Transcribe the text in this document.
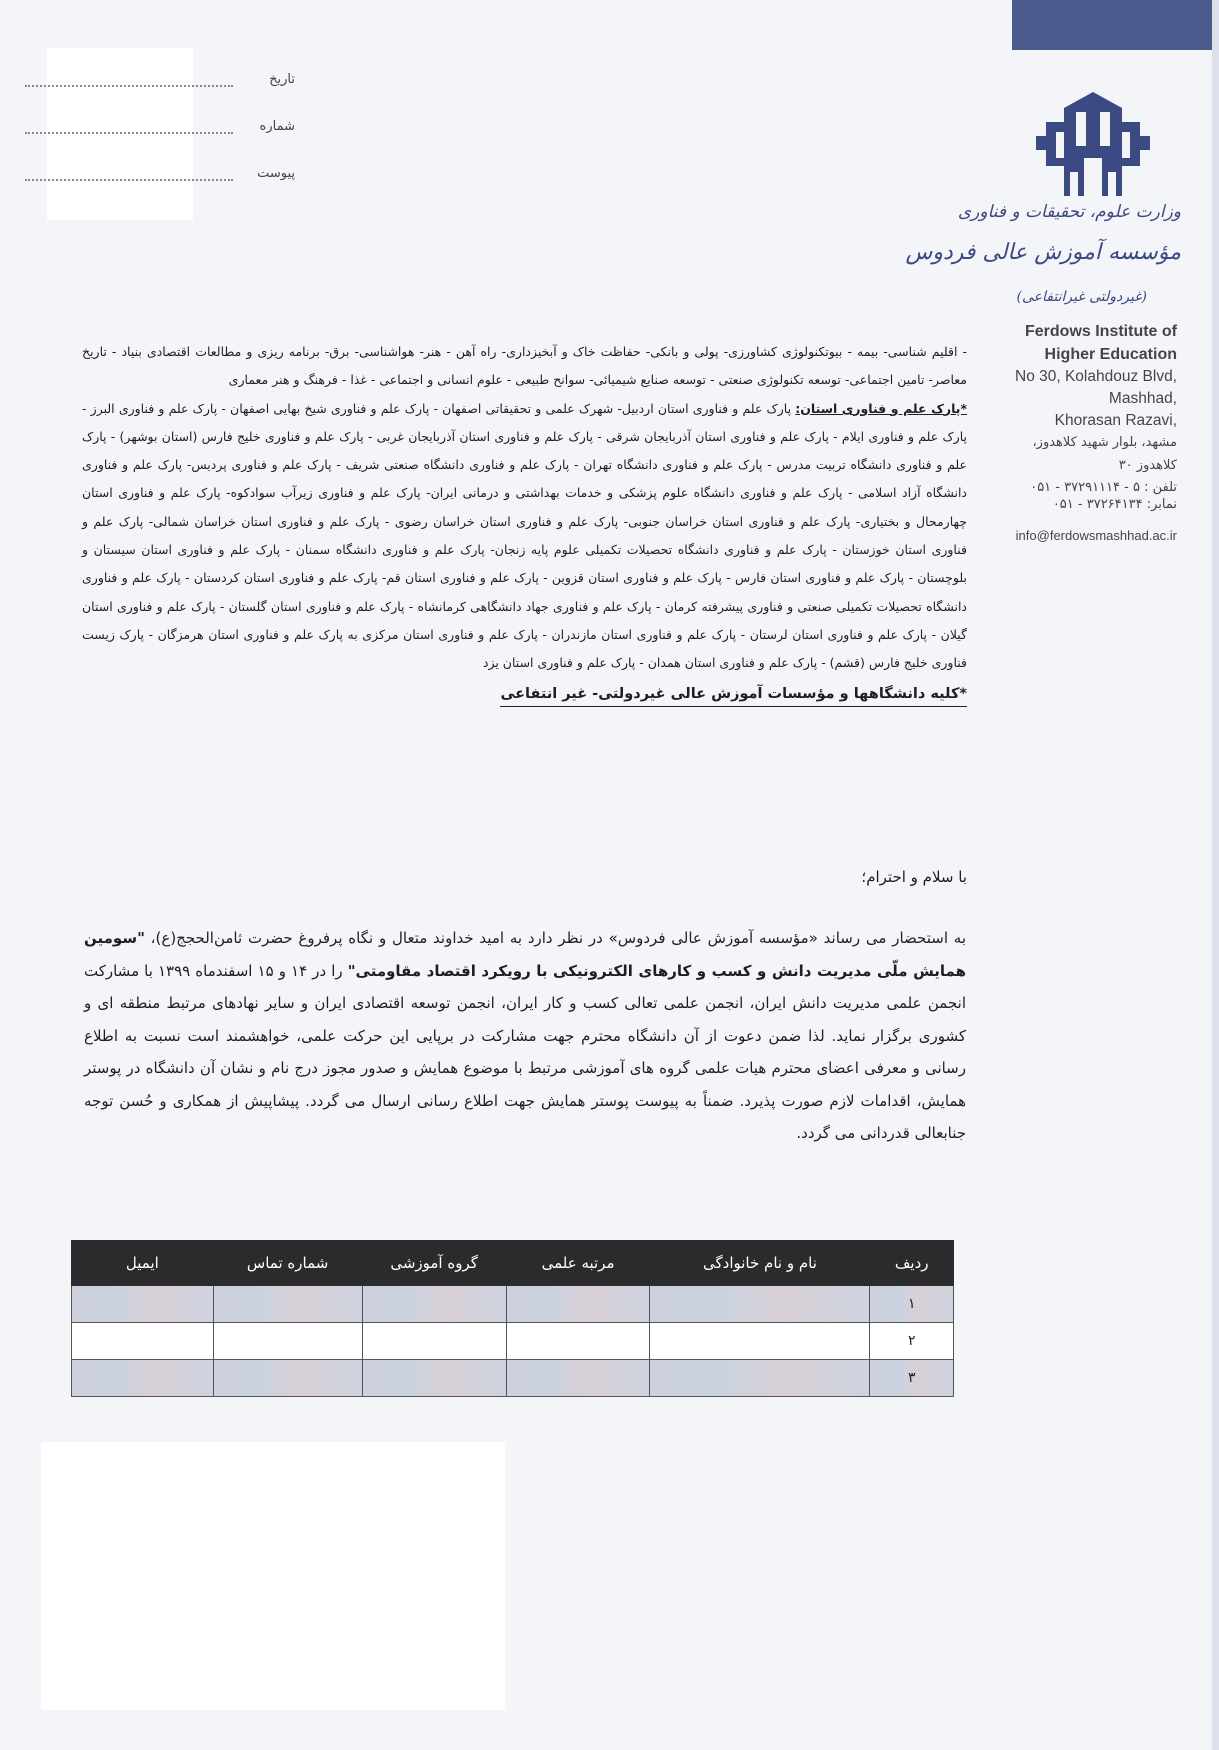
تاریخ
شماره
پیوست
وزارت علوم، تحقیقات و فناوری
مؤسسه آموزش عالی فردوس
(غیردولتی غیرانتفاعی)
Ferdows Institute of
Higher Education
No 30, Kolahdouz Blvd,
Mashhad,
Khorasan Razavi,
مشهد، بلوار شهید کلاهدوز،
کلاهدوز ۳۰
تلفن : ۵ - ۳۷۲۹۱۱۱۴ - ۰۵۱
نمابر: ۳۷۲۶۴۱۳۴ - ۰۵۱
info@ferdowsmashhad.ac.ir
- اقلیم شناسی- بیمه - بیوتکنولوژی کشاورزی- پولی و بانکی- حفاظت خاک و آبخیزداری- راه آهن - هنر- هواشناسی- برق- برنامه ریزی و مطالعات اقتصادی بنیاد - تاریخ معاصر- تامین اجتماعی- توسعه تکنولوژی صنعتی - توسعه صنایع شیمیائی- سوانح طبیعی - علوم انسانی و اجتماعی - غذا - فرهنگ و هنر معماری
*پارک علم و فناوری استان: پارک علم و فناوری استان اردبیل- شهرک علمی و تحقیقاتی اصفهان - پارک علم و فناوری شیخ بهایی اصفهان - پارک علم و فناوری البرز - پارک علم و فناوری ایلام - پارک علم و فناوری استان آذربایجان شرقی - پارک علم و فناوری استان آذربایجان غربی - پارک علم و فناوری خلیج فارس (استان بوشهر) - پارک علم و فناوری دانشگاه تربیت مدرس - پارک علم و فناوری دانشگاه تهران - پارک علم و فناوری دانشگاه صنعتی شریف - پارک علم و فناوری پردیس- پارک علم و فناوری دانشگاه آزاد اسلامی - پارک علم و فناوری دانشگاه علوم پزشکی و خدمات بهداشتی و درمانی ایران- پارک علم و فناوری زیرآب سوادکوه- پارک علم و فناوری استان چهارمحال و بختیاری- پارک علم و فناوری استان خراسان جنوبی- پارک علم و فناوری استان خراسان رضوی - پارک علم و فناوری استان خراسان شمالی- پارک علم و فناوری استان خوزستان - پارک علم و فناوری دانشگاه تحصیلات تکمیلی علوم پایه زنجان- پارک علم و فناوری دانشگاه سمنان - پارک علم و فناوری استان سیستان و بلوچستان - پارک علم و فناوری استان فارس - پارک علم و فناوری استان قزوین - پارک علم و فناوری استان قم- پارک علم و فناوری استان کردستان - پارک علم و فناوری دانشگاه تحصیلات تکمیلی صنعتی و فناوری پیشرفته کرمان - پارک علم و فناوری جهاد دانشگاهی کرمانشاه - پارک علم و فناوری استان گلستان - پارک علم و فناوری استان گیلان - پارک علم و فناوری استان لرستان - پارک علم و فناوری استان مازندران - پارک علم و فناوری استان مرکزی به پارک علم و فناوری استان هرمزگان - پارک زیست فناوری خلیج فارس (قشم) - پارک علم و فناوری استان همدان - پارک علم و فناوری استان یزد
*کلیه دانشگاهها و مؤسسات آموزش عالی غیردولتی- غیر انتفاعی
با سلام و احترام؛
به استحضار می رساند «مؤسسه آموزش عالی فردوس» در نظر دارد به امید خداوند متعال و نگاه پرفروغ حضرت ثامن‌الحجج(ع)، "سومین همایش ملّی مدیریت دانش و کسب و کارهای الکترونیکی با رویکرد اقتصاد مقاومتی" را در ۱۴ و ۱۵ اسفندماه ۱۳۹۹ با مشارکت انجمن علمی مدیریت دانش ایران، انجمن علمی تعالی کسب و کار ایران، انجمن توسعه اقتصادی ایران و سایر نهادهای مرتبط منطقه ای و کشوری برگزار نماید. لذا ضمن دعوت از آن دانشگاه محترم جهت مشارکت در برپایی این حرکت علمی، خواهشمند است نسبت به اطلاع رسانی و معرفی اعضای محترم هیات علمی گروه های آموزشی مرتبط با موضوع همایش و صدور مجوز درج نام و نشان آن دانشگاه در پوستر همایش، اقدامات لازم صورت پذیرد. ضمناً به پیوست پوستر همایش جهت اطلاع رسانی ارسال می گردد. پیشاپیش از همکاری و حُسن توجه جنابعالی قدردانی می گردد.
ردیف	نام و نام خانوادگی	مرتبه علمی	گروه آموزشی	شماره تماس	ایمیل
۱					
۲					
۳					
